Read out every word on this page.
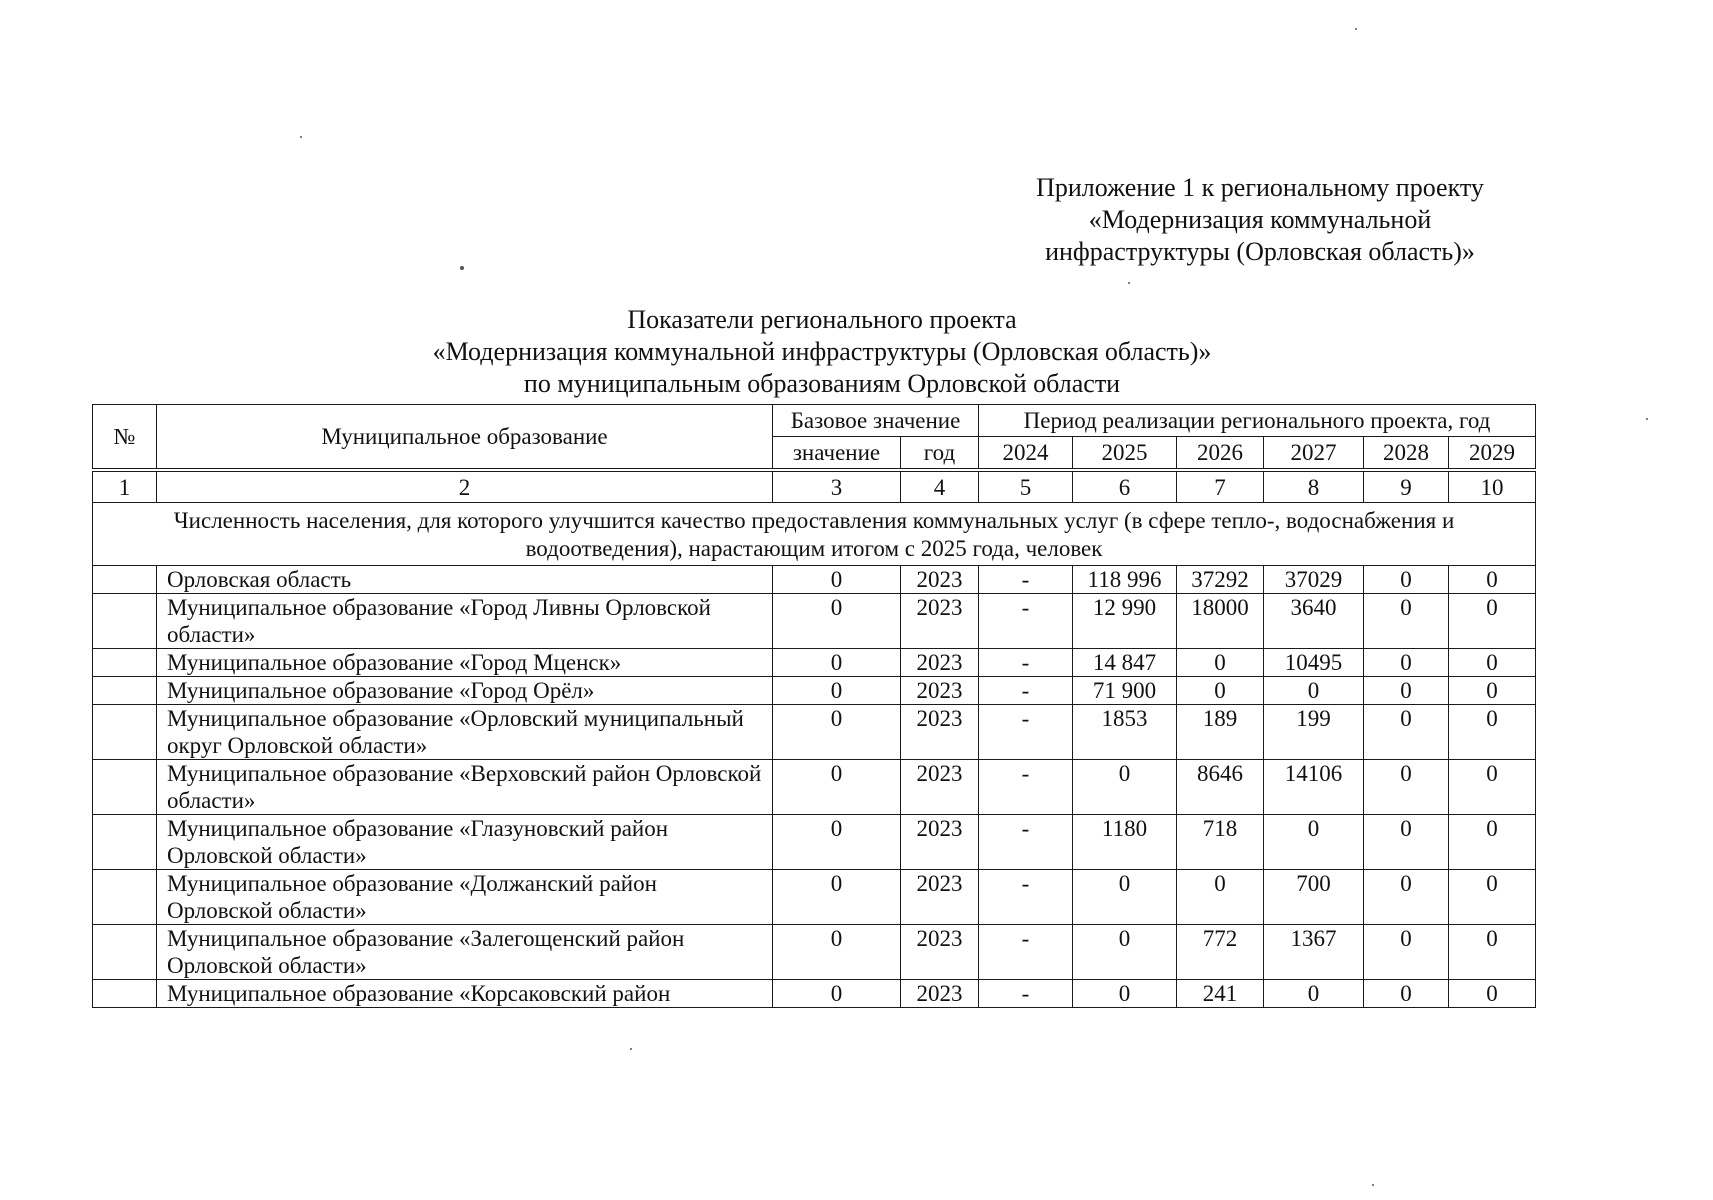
Приложение 1 к региональному проекту
«Модернизация коммунальной
инфраструктуры (Орловская область)»
Показатели регионального проекта
«Модернизация коммунальной инфраструктуры (Орловская область)»
по муниципальным образованиям Орловской области
№	Муниципальное образование	Базовое значение		Период реализации регионального проекта, год					
		значение	год	2024	2025	2026	2027	2028	2029

1	2	3	4	5	6	7	8	9	10
Численность населения, для которого улучшится качество предоставления коммунальных услуг (в сфере тепло-, водоснабжения и водоотведения), нарастающим итогом с 2025 года, человек									
	Орловская область	0	2023	-	118 996	37292	37029	0	0
	Муниципальное образование «Город Ливны Орловской области»	0	2023	-	12 990	18000	3640	0	0
	Муниципальное образование «Город Мценск»	0	2023	-	14 847	0	10495	0	0
	Муниципальное образование «Город Орёл»	0	2023	-	71 900	0	0	0	0
	Муниципальное образование «Орловский муниципальный округ Орловской области»	0	2023	-	1853	189	199	0	0
	Муниципальное образование «Верховский район Орловской области»	0	2023	-	0	8646	14106	0	0
	Муниципальное образование «Глазуновский район Орловской области»	0	2023	-	1180	718	0	0	0
	Муниципальное образование «Должанский район Орловской области»	0	2023	-	0	0	700	0	0
	Муниципальное образование «Залегощенский район Орловской области»	0	2023	-	0	772	1367	0	0
	Муниципальное образование «Корсаковский район	0	2023	-	0	241	0	0	0
